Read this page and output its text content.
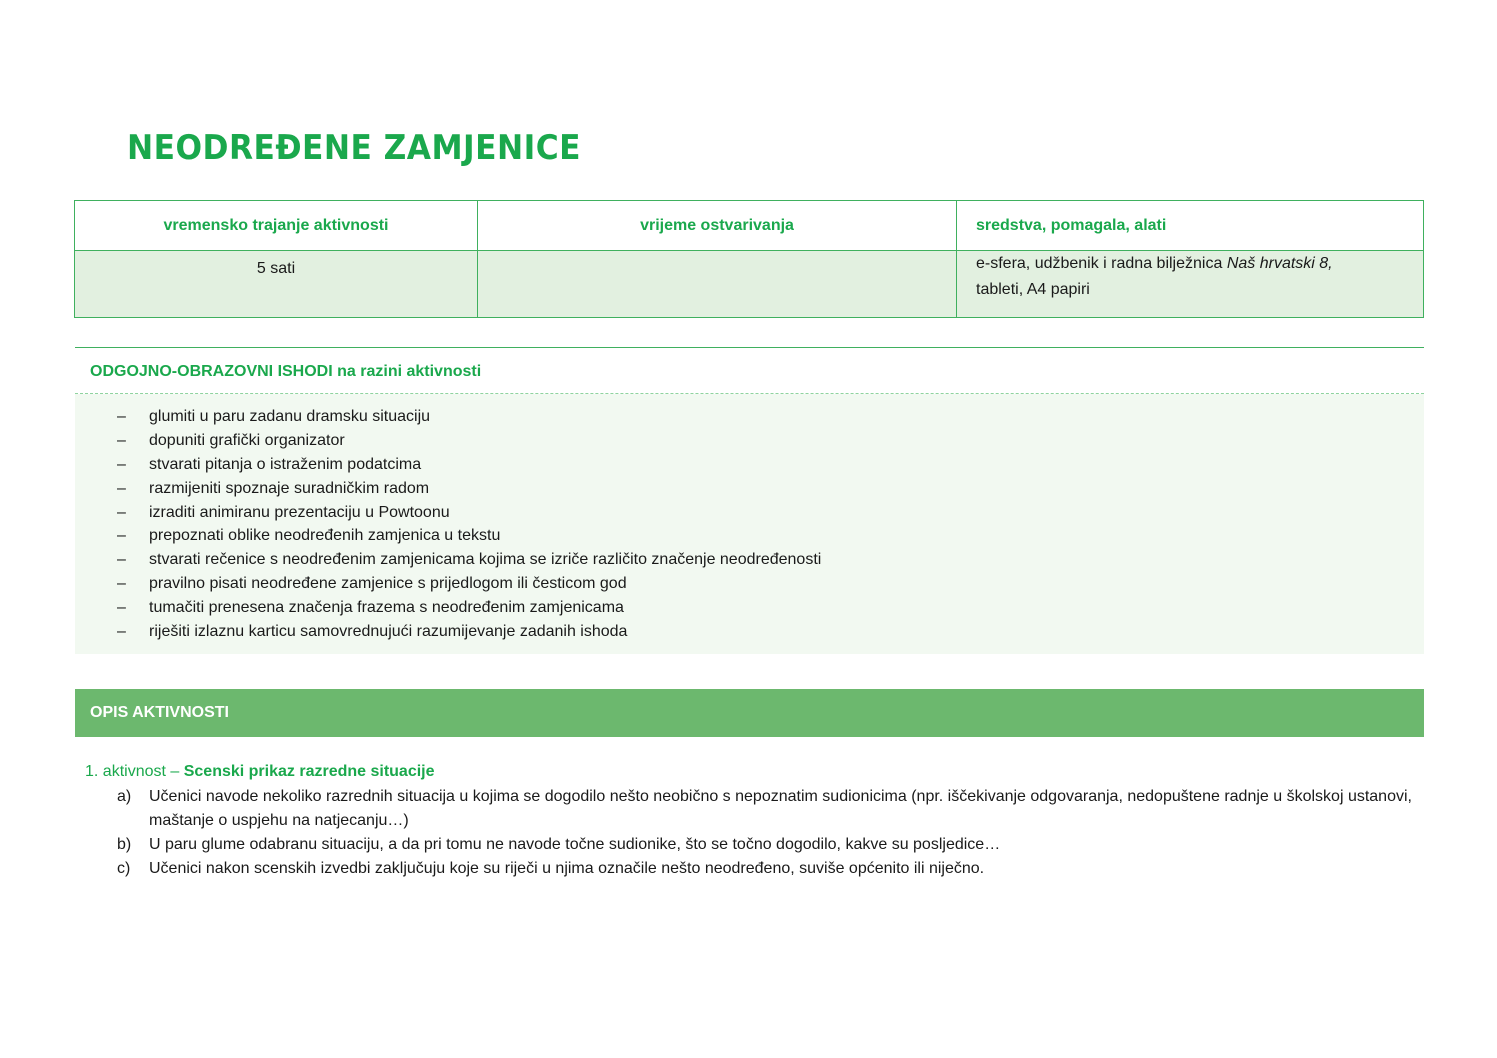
NEODREĐENE ZAMJENICE
vremensko trajanje aktivnosti	vrijeme ostvarivanja	sredstva, pomagala, alati
5 sati		e-sfera, udžbenik i radna bilježnica Naš hrvatski 8,
tableti, A4 papiri
ODGOJNO-OBRAZOVNI ISHODI na razini aktivnosti
– glumiti u paru zadanu dramsku situaciju
– dopuniti grafički organizator
– stvarati pitanja o istraženim podatcima
– razmijeniti spoznaje suradničkim radom
– izraditi animiranu prezentaciju u Powtoonu
– prepoznati oblike neodređenih zamjenica u tekstu
– stvarati rečenice s neodređenim zamjenicama kojima se izriče različito značenje neodređenosti
– pravilno pisati neodređene zamjenice s prijedlogom ili česticom god
– tumačiti prenesena značenja frazema s neodređenim zamjenicama
– riješiti izlaznu karticu samovrednujući razumijevanje zadanih ishoda
OPIS AKTIVNOSTI
1. aktivnost – Scenski prikaz razredne situacije
a) Učenici navode nekoliko razrednih situacija u kojima se dogodilo nešto neobično s nepoznatim sudionicima (npr. iščekivanje odgovaranja, nedopuštene radnje u školskoj ustanovi, maštanje o uspjehu na natjecanju…)
b) U paru glume odabranu situaciju, a da pri tomu ne navode točne sudionike, što se točno dogodilo, kakve su posljedice…
c) Učenici nakon scenskih izvedbi zaključuju koje su riječi u njima označile nešto neodređeno, suviše općenito ili niječno.
